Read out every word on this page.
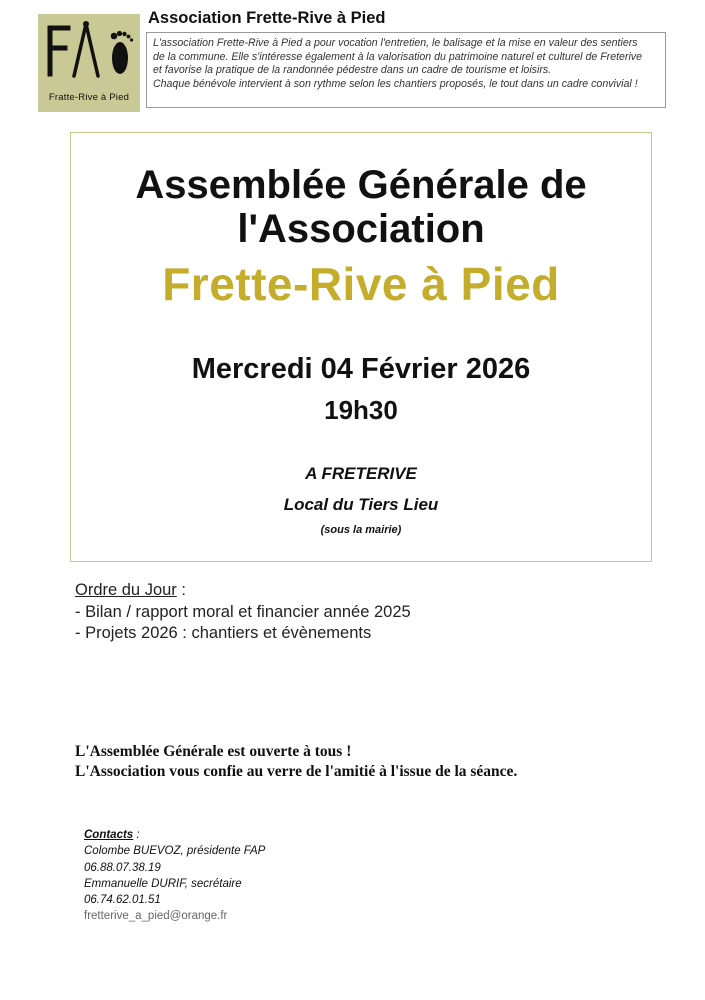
Fratte-Rive à Pied
Association Frette-Rive à Pied
L'association Frette-Rive à Pied a pour vocation l'entretien, le balisage et la mise en valeur des sentiers
de la commune. Elle s'intéresse également à la valorisation du patrimoine naturel et culturel de Freterive
et favorise la pratique de la randonnée pédestre dans un cadre de tourisme et loisirs.
Chaque bénévole intervient à son rythme selon les chantiers proposés, le tout dans un cadre convivial !
Assemblée Générale de
l'Association
Frette-Rive à Pied
Mercredi 04 Février 2026
19h30
A FRETERIVE
Local du Tiers Lieu
(sous la mairie)
Ordre du Jour :
- Bilan / rapport moral et financier année 2025
- Projets 2026 : chantiers et évènements
L'Assemblée Générale est ouverte à tous !
L'Association vous confie au verre de l'amitié à l'issue de la séance.
Contacts :
Colombe BUEVOZ, présidente FAP
06.88.07.38.19
Emmanuelle DURIF, secrétaire
06.74.62.01.51
fretterive_a_pied@orange.fr
